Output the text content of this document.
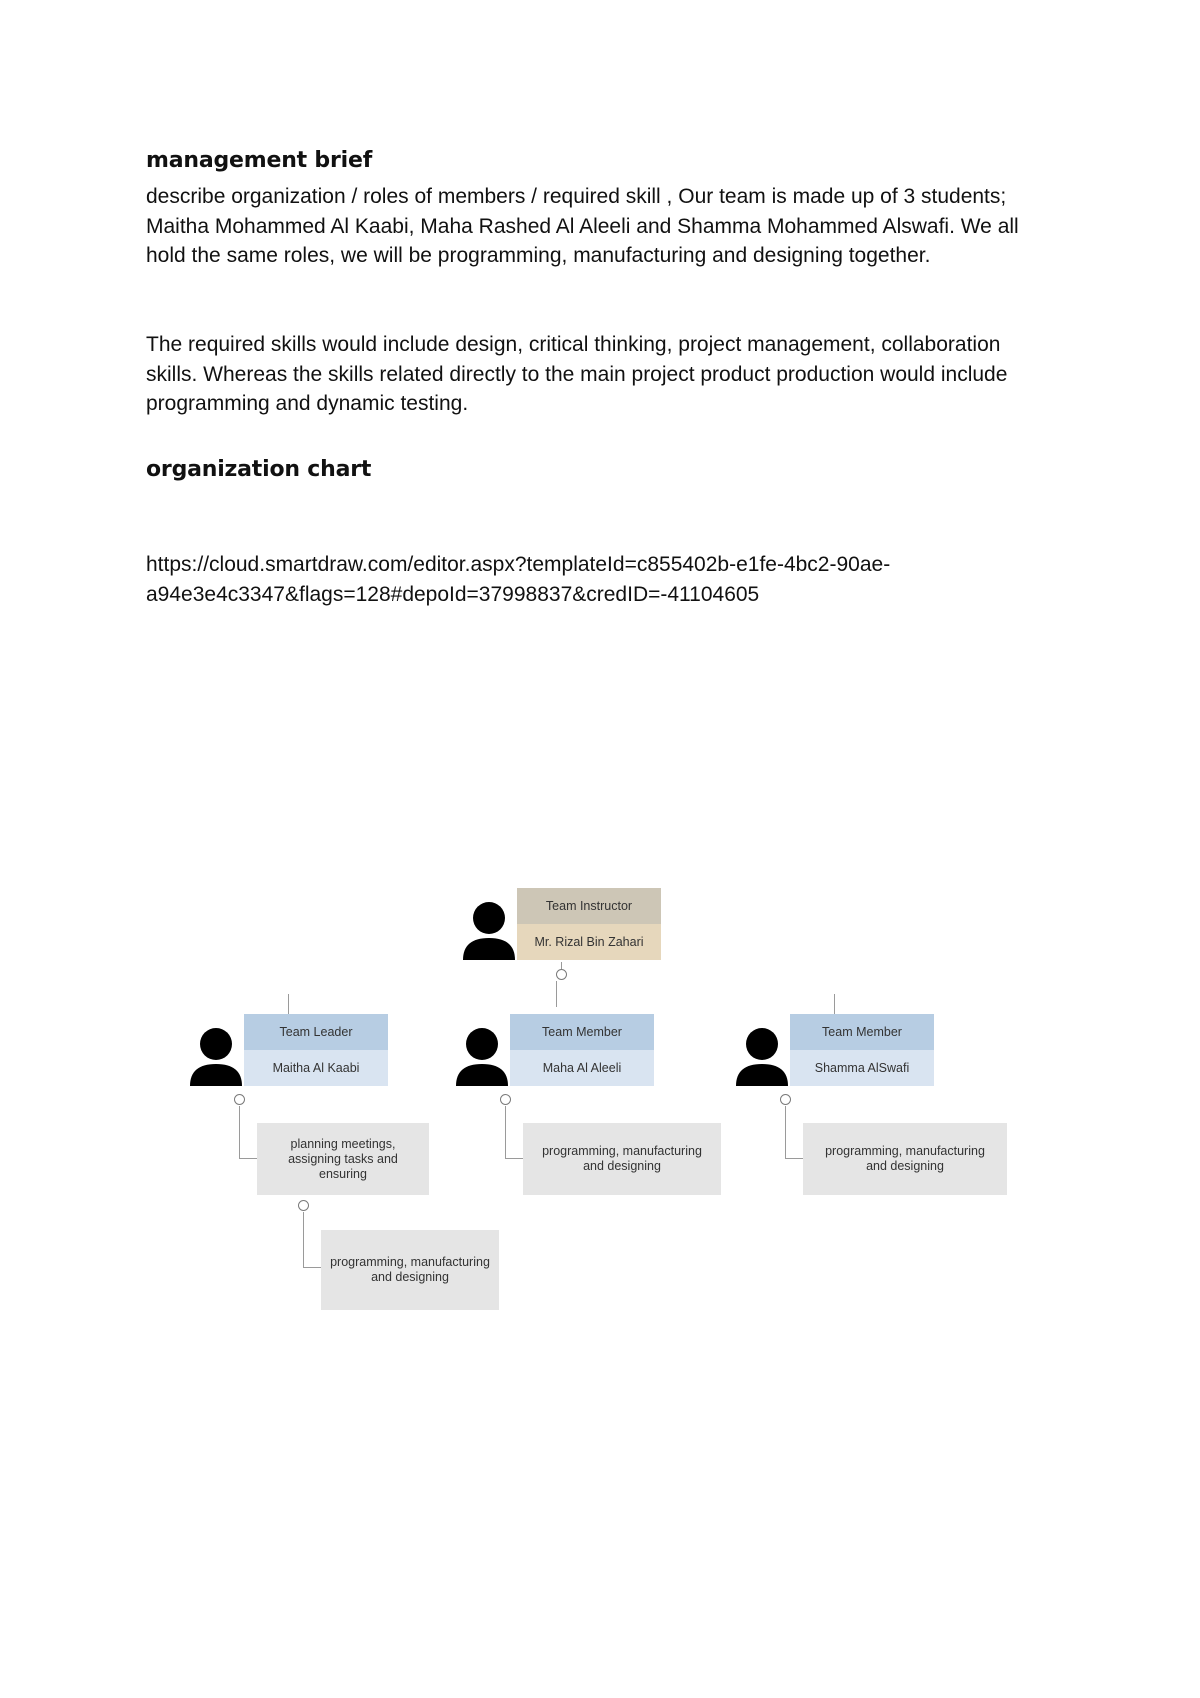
management brief

describe organization / roles of members / required skill , Our team is made up of 3 students; Maitha Mohammed Al Kaabi, Maha Rashed Al Aleeli and Shamma Mohammed Alswafi. We all hold the same roles, we will be programming, manufacturing and designing together.

The required skills would include design, critical thinking, project management, collaboration skills. Whereas the skills related directly to the main project product production would include programming and dynamic testing.

organization chart

https://cloud.smartdraw.com/editor.aspx?templateId=c855402b-e1fe-4bc2-90ae-
a94e3e4c3347&flags=128#depoId=37998837&credID=-41104605

Team Instructor
Mr. Rizal Bin Zahari
Team Leader
Maitha Al Kaabi
Team Member
Maha Al Aleeli
Team Member
Shamma AlSwafi
planning meetings, assigning tasks and ensuring
programming, manufacturing and designing
programming, manufacturing and designing
programming, manufacturing and designing
